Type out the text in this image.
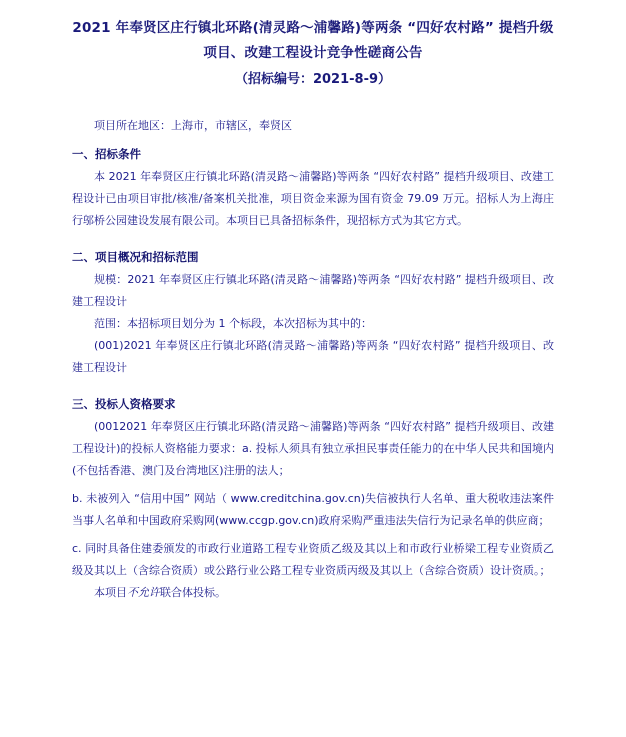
2021 年奉贤区庄行镇北环路(清灵路～浦馨路)等两条 “四好农村路” 提档升级
项目、改建工程设计竞争性磋商公告
（招标编号：2021-8-9）

项目所在地区：上海市，市辖区，奉贤区

一、招标条件

本 2021 年奉贤区庄行镇北环路(清灵路～浦馨路)等两条 “四好农村路” 提档升级项目、改建工程设计已由项目审批/核准/备案机关批准，项目资金来源为国有资金 79.09 万元。招标人为上海庄行邬桥公园建设发展有限公司。本项目已具备招标条件，现招标方式为其它方式。

二、项目概况和招标范围

规模：2021 年奉贤区庄行镇北环路(清灵路～浦馨路)等两条 “四好农村路” 提档升级项目、改建工程设计

范围：本招标项目划分为 1 个标段，本次招标为其中的：

(001)2021 年奉贤区庄行镇北环路(清灵路～浦馨路)等两条 “四好农村路” 提档升级项目、改建工程设计

三、投标人资格要求

(0012021 年奉贤区庄行镇北环路(清灵路～浦馨路)等两条 “四好农村路” 提档升级项目、改建工程设计)的投标人资格能力要求：a. 投标人须具有独立承担民事责任能力的在中华人民共和国境内(不包括香港、澳门及台湾地区)注册的法人；

b. 未被列入 “信用中国” 网站（ www.creditchina.gov.cn)失信被执行人名单、重大税收违法案件当事人名单和中国政府采购网(www.ccgp.gov.cn)政府采购严重违法失信行为记录名单的供应商；

c. 同时具备住建委颁发的市政行业道路工程专业资质乙级及其以上和市政行业桥梁工程专业资质乙级及其以上（含综合资质）或公路行业公路工程专业资质丙级及其以上（含综合资质）设计资质。；

本项目不允许联合体投标。
